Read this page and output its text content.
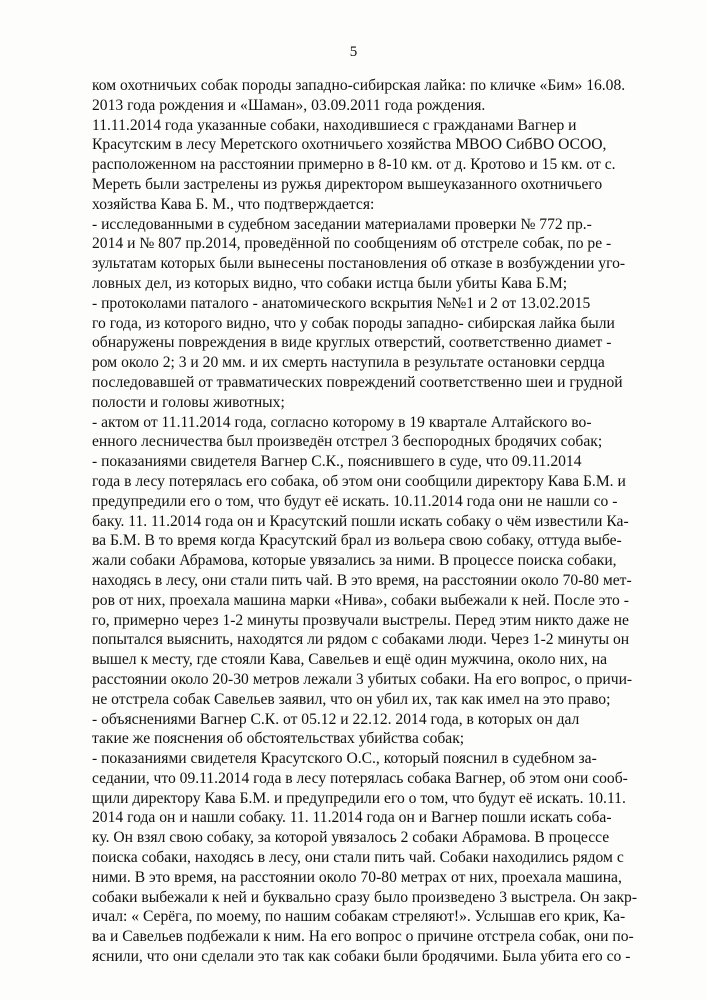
5
ком охотничьих собак породы западно-сибирская лайка: по кличке «Бим» 16.08.
2013 года рождения и «Шаман», 03.09.2011 года рождения.
11.11.2014 года указанные собаки, находившиеся с гражданами Вагнер и
Красутским в лесу Меретского охотничьего хозяйства МВОО СибВО ОСОО,
расположенном на расстоянии примерно в 8-10 км. от д. Кротово и 15 км. от с.
Мереть были застрелены из ружья директором вышеуказанного охотничьего
хозяйства Кава Б. М., что подтверждается:
- исследованными в судебном заседании материалами проверки № 772 пр.-
2014 и № 807 пр.2014, проведённой по сообщениям об отстреле собак, по ре -
зультатам которых были вынесены постановления об отказе в возбуждении уго-
ловных дел, из которых видно, что собаки истца были убиты Кава Б.М;
- протоколами паталого - анатомического вскрытия №№1 и 2 от 13.02.2015
го года, из которого видно, что у собак породы западно- сибирская лайка были
обнаружены повреждения в виде круглых отверстий, соответственно диамет -
ром около 2; 3 и 20 мм. и их смерть наступила в результате остановки сердца
последовавшей от травматических повреждений соответственно шеи и грудной
полости и головы животных;
- актом от 11.11.2014 года, согласно которому в 19 квартале Алтайского во-
енного лесничества был произведён отстрел 3 беспородных бродячих собак;
- показаниями свидетеля Вагнер С.К., пояснившего в суде, что 09.11.2014
года в лесу потерялась его собака, об этом они сообщили директору Кава Б.М. и
предупредили его о том, что будут её искать. 10.11.2014 года они не нашли со -
баку. 11. 11.2014 года он и Красутский пошли искать собаку о чём известили Ка-
ва Б.М. В то время когда Красутский брал из вольера свою собаку, оттуда выбе-
жали собаки Абрамова, которые увязались за ними. В процессе поиска собаки,
находясь в лесу, они стали пить чай. В это время, на расстоянии около 70-80 мет-
ров от них, проехала машина марки «Нива», собаки выбежали к ней. После это -
го, примерно через 1-2 минуты прозвучали выстрелы. Перед этим никто даже не
попытался выяснить, находятся ли рядом с собаками люди. Через 1-2 минуты он
вышел к месту, где стояли Кава, Савельев и ещё один мужчина, около них, на
расстоянии около 20-30 метров лежали 3 убитых собаки. На его вопрос, о причи-
не отстрела собак Савельев заявил, что он убил их, так как имел на это право;
- объяснениями Вагнер С.К. от 05.12 и 22.12. 2014 года, в которых он дал
такие же пояснения об обстоятельствах убийства собак;
- показаниями свидетеля Красутского О.С., который пояснил в судебном за-
седании, что 09.11.2014 года в лесу потерялась собака Вагнер, об этом они сооб-
щили директору Кава Б.М. и предупредили его о том, что будут её искать. 10.11.
2014 года он и нашли собаку. 11. 11.2014 года он и Вагнер пошли искать соба-
ку. Он взял свою собаку, за которой увязалось 2 собаки Абрамова. В процессе
поиска собаки, находясь в лесу, они стали пить чай. Собаки находились рядом с
ними. В это время, на расстоянии около 70-80 метрах от них, проехала машина,
собаки выбежали к ней и буквально сразу было произведено 3 выстрела. Он закр-
ичал: « Серёга, по моему, по нашим собакам стреляют!». Услышав его крик, Ка-
ва и Савельев подбежали к ним. На его вопрос о причине отстрела собак, они по-
яснили, что они сделали это так как собаки были бродячими. Была убита его со -
